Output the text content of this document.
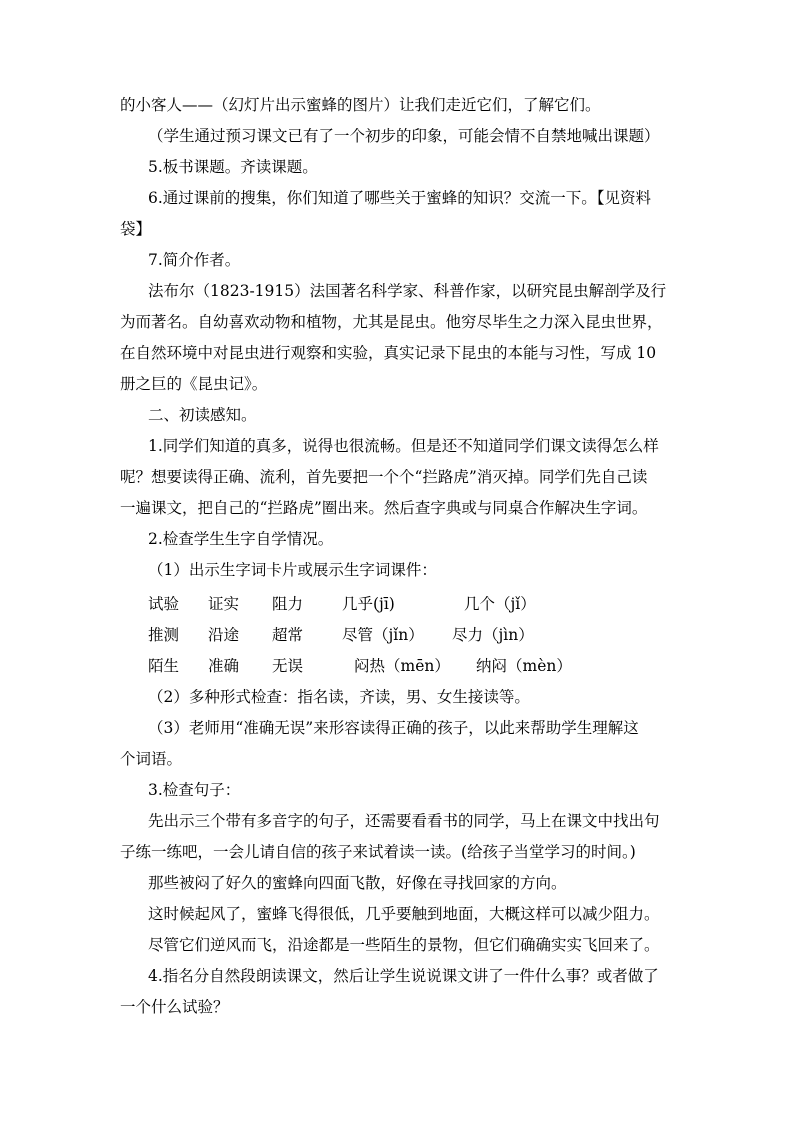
的小客人——（幻灯片出示蜜蜂的图片）让我们走近它们，了解它们。

（学生通过预习课文已有了一个初步的印象，可能会情不自禁地喊出课题）

5.板书课题。齐读课题。

6.通过课前的搜集，你们知道了哪些关于蜜蜂的知识？交流一下。【见资料

袋】

7.简介作者。

法布尔（1823-1915）法国著名科学家、科普作家，以研究昆虫解剖学及行

为而著名。自幼喜欢动物和植物，尤其是昆虫。他穷尽毕生之力深入昆虫世界，

在自然环境中对昆虫进行观察和实验，真实记录下昆虫的本能与习性，写成 10

册之巨的《昆虫记》。

二、初读感知。

1.同学们知道的真多，说得也很流畅。但是还不知道同学们课文读得怎么样

呢？想要读得正确、流利，首先要把一个个“拦路虎”消灭掉。同学们先自己读

一遍课文，把自己的“拦路虎”圈出来。然后查字典或与同桌合作解决生字词。

2.检查学生生字自学情况。

（1）出示生字词卡片或展示生字词课件：

试验 证实 阻力	几乎(jī)	几个（jǐ）
推测 沿途 超常	尽管（jǐn） 尽力（jìn）
陌生 准确 无误	闷热（mēn） 纳闷（mèn）

（2）多种形式检查：指名读，齐读，男、女生接读等。

（3）老师用“准确无误”来形容读得正确的孩子，以此来帮助学生理解这

个词语。

3.检查句子：

先出示三个带有多音字的句子，还需要看看书的同学，马上在课文中找出句

子练一练吧，一会儿请自信的孩子来试着读一读。(给孩子当堂学习的时间。)

那些被闷了好久的蜜蜂向四面飞散，好像在寻找回家的方向。

这时候起风了，蜜蜂飞得很低，几乎要触到地面，大概这样可以减少阻力。

尽管它们逆风而飞，沿途都是一些陌生的景物，但它们确确实实飞回来了。

4.指名分自然段朗读课文，然后让学生说说课文讲了一件什么事？或者做了

一个什么试验？
